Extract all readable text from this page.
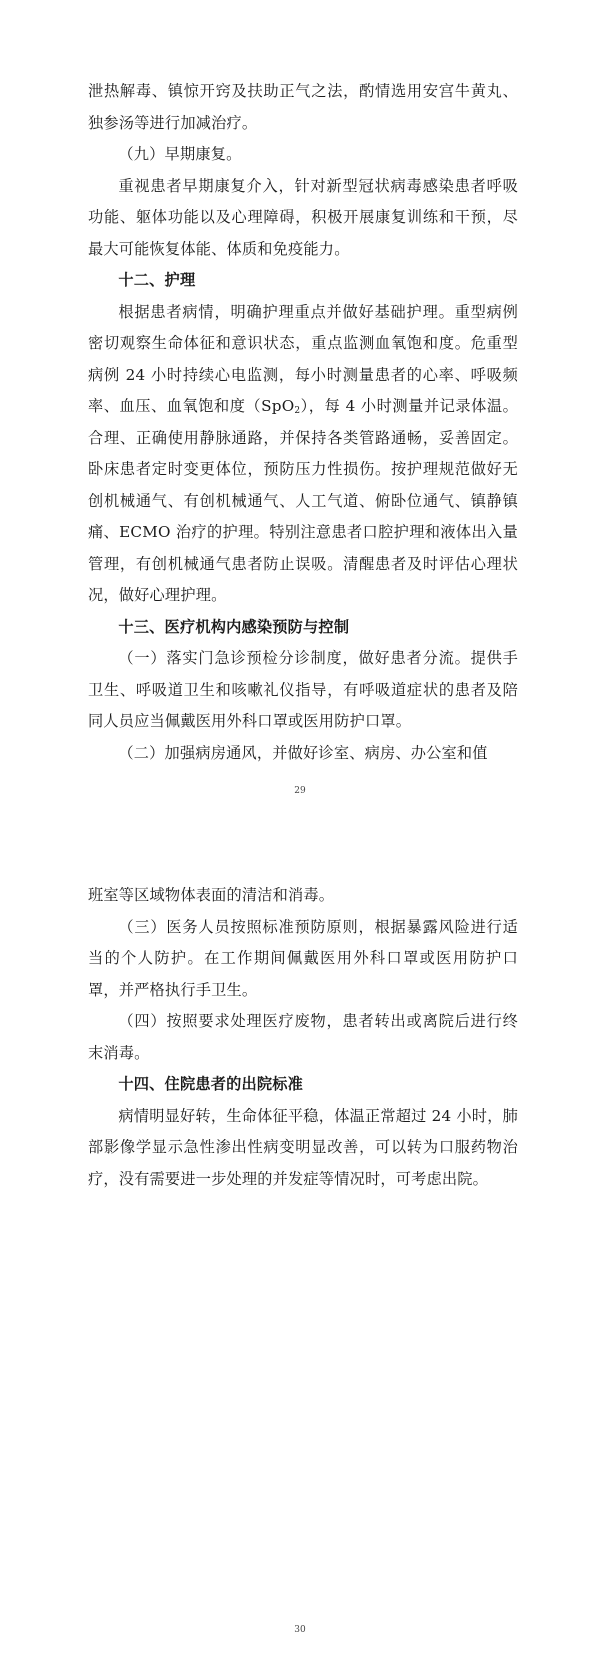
泄热解毒、镇惊开窍及扶助正气之法，酌情选用安宫牛黄丸、独参汤等进行加减治疗。

（九）早期康复。

重视患者早期康复介入，针对新型冠状病毒感染患者呼吸功能、躯体功能以及心理障碍，积极开展康复训练和干预，尽最大可能恢复体能、体质和免疫能力。

十二、护理

根据患者病情，明确护理重点并做好基础护理。重型病例密切观察生命体征和意识状态，重点监测血氧饱和度。危重型病例 24 小时持续心电监测，每小时测量患者的心率、呼吸频率、血压、血氧饱和度（SpO$_2$），每 4 小时测量并记录体温。合理、正确使用静脉通路，并保持各类管路通畅，妥善固定。卧床患者定时变更体位，预防压力性损伤。按护理规范做好无创机械通气、有创机械通气、人工气道、俯卧位通气、镇静镇痛、ECMO 治疗的护理。特别注意患者口腔护理和液体出入量管理，有创机械通气患者防止误吸。清醒患者及时评估心理状况，做好心理护理。

十三、医疗机构内感染预防与控制

（一）落实门急诊预检分诊制度，做好患者分流。提供手卫生、呼吸道卫生和咳嗽礼仪指导，有呼吸道症状的患者及陪同人员应当佩戴医用外科口罩或医用防护口罩。

（二）加强病房通风，并做好诊室、病房、办公室和值

29

班室等区域物体表面的清洁和消毒。

（三）医务人员按照标准预防原则，根据暴露风险进行适当的个人防护。在工作期间佩戴医用外科口罩或医用防护口罩，并严格执行手卫生。

（四）按照要求处理医疗废物，患者转出或离院后进行终末消毒。

十四、住院患者的出院标准

病情明显好转，生命体征平稳，体温正常超过 24 小时，肺部影像学显示急性渗出性病变明显改善，可以转为口服药物治疗，没有需要进一步处理的并发症等情况时，可考虑出院。

30
